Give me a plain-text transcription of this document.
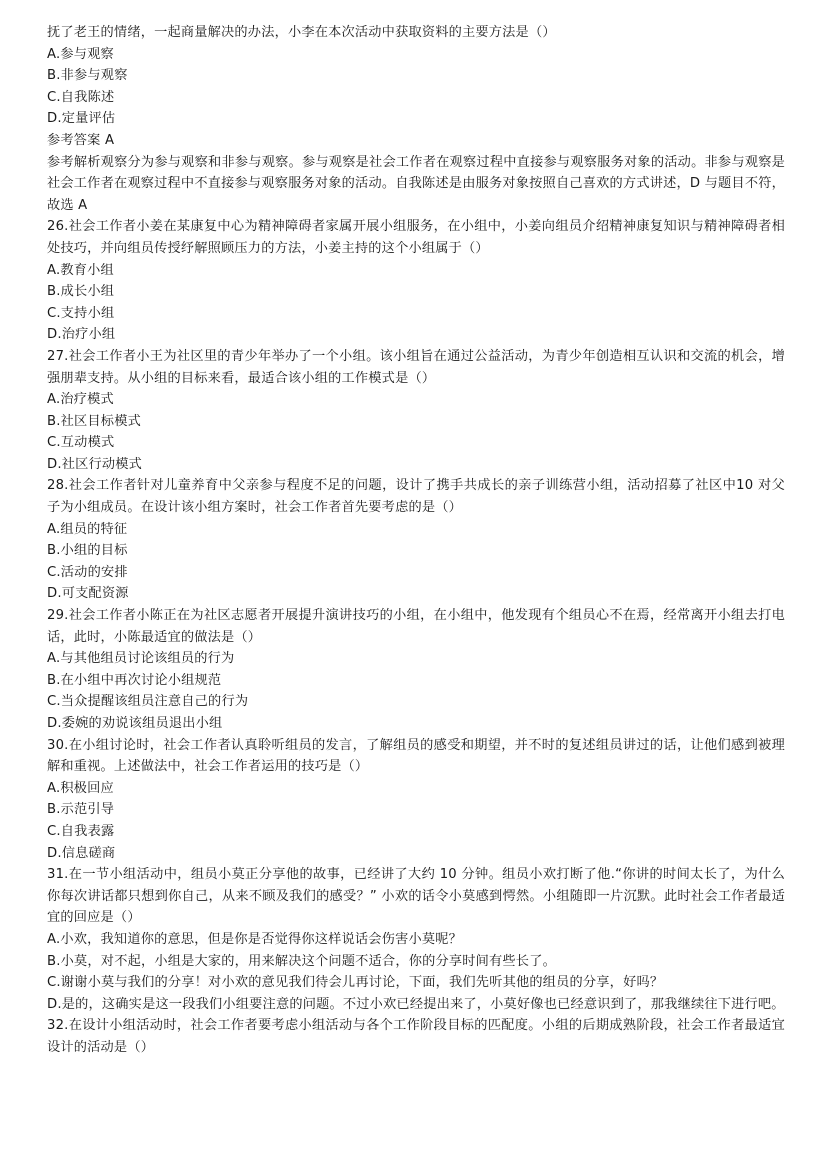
抚了老王的情绪，一起商量解决的办法，小李在本次活动中获取资料的主要方法是（）

A.参与观察
B.非参与观察
C.自我陈述
D.定量评估

参考答案 A

参考解析观察分为参与观察和非参与观察。参与观察是社会工作者在观察过程中直接参与观察服务对象的活动。非参与观察是社会工作者在观察过程中不直接参与观察服务对象的活动。自我陈述是由服务对象按照自己喜欢的方式讲述，D 与题目不符，故选 A

26.社会工作者小姜在某康复中心为精神障碍者家属开展小组服务，在小组中，小姜向组员介绍精神康复知识与精神障碍者相处技巧，并向组员传授纾解照顾压力的方法，小姜主持的这个小组属于（）

A.教育小组
B.成长小组
C.支持小组
D.治疗小组

27.社会工作者小王为社区里的青少年举办了一个小组。该小组旨在通过公益活动，为青少年创造相互认识和交流的机会，增强朋辈支持。从小组的目标来看，最适合该小组的工作模式是（）

A.治疗模式
B.社区目标模式
C.互动模式
D.社区行动模式

28.社会工作者针对儿童养育中父亲参与程度不足的问题，设计了携手共成长的亲子训练营小组，活动招募了社区中10 对父子为小组成员。在设计该小组方案时，社会工作者首先要考虑的是（）

A.组员的特征
B.小组的目标
C.活动的安排
D.可支配资源

29.社会工作者小陈正在为社区志愿者开展提升演讲技巧的小组，在小组中，他发现有个组员心不在焉，经常离开小组去打电话，此时，小陈最适宜的做法是（）

A.与其他组员讨论该组员的行为
B.在小组中再次讨论小组规范
C.当众提醒该组员注意自己的行为
D.委婉的劝说该组员退出小组

30.在小组讨论时，社会工作者认真聆听组员的发言，了解组员的感受和期望，并不时的复述组员讲过的话，让他们感到被理解和重视。上述做法中，社会工作者运用的技巧是（）

A.积极回应
B.示范引导
C.自我表露
D.信息磋商

31.在一节小组活动中，组员小莫正分享他的故事，已经讲了大约 10 分钟。组员小欢打断了他.“你讲的时间太长了，为什么你每次讲话都只想到你自己，从来不顾及我们的感受？” 小欢的话令小莫感到愕然。小组随即一片沉默。此时社会工作者最适宜的回应是（）

A.小欢，我知道你的意思，但是你是否觉得你这样说话会伤害小莫呢？

B.小莫，对不起，小组是大家的，用来解决这个问题不适合，你的分享时间有些长了。

C.谢谢小莫与我们的分享！对小欢的意见我们待会儿再讨论，下面，我们先听其他的组员的分享，好吗？

D.是的，这确实是这一段我们小组要注意的问题。不过小欢已经提出来了，小莫好像也已经意识到了，那我继续往下进行吧。

32.在设计小组活动时，社会工作者要考虑小组活动与各个工作阶段目标的匹配度。小组的后期成熟阶段，社会工作者最适宜设计的活动是（）
